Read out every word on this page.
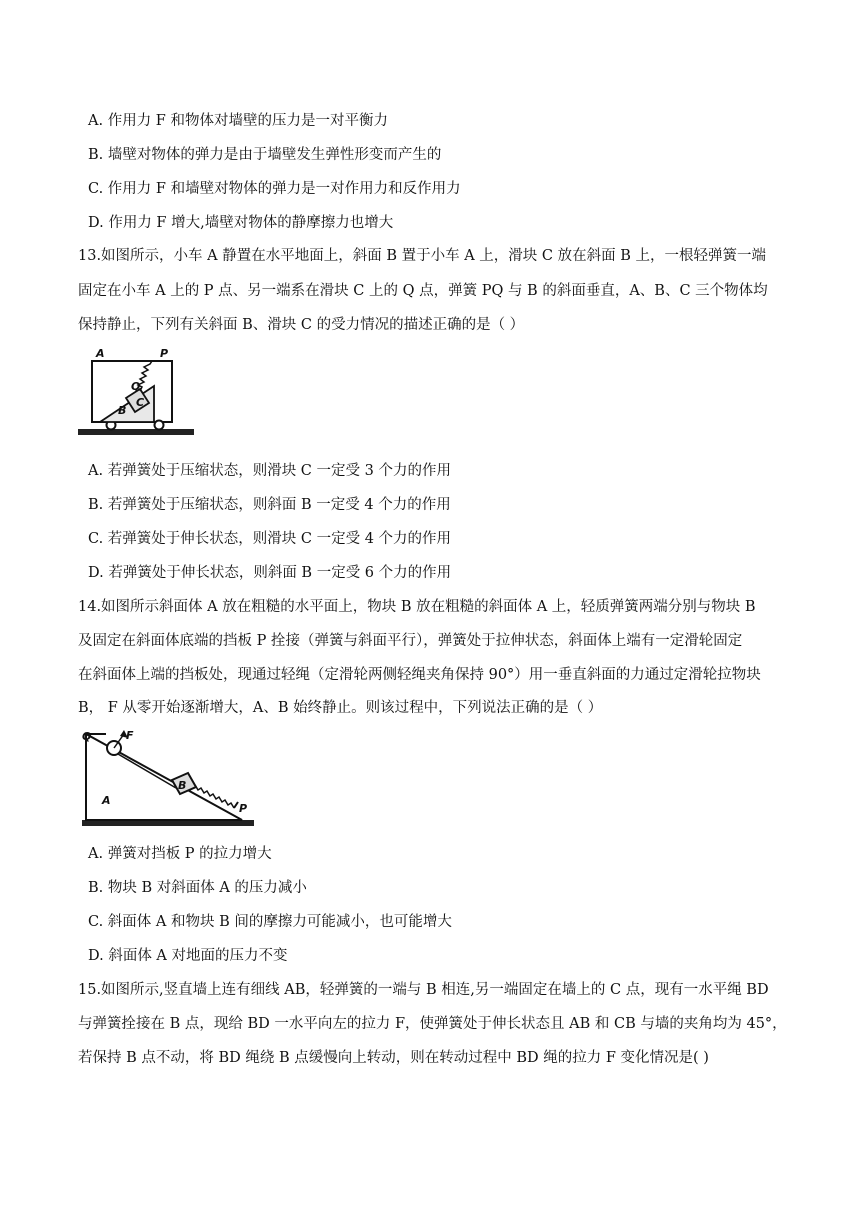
A. 作用力 F 和物体对墙壁的压力是一对平衡力
B. 墙壁对物体的弹力是由于墙壁发生弹性形变而产生的
C. 作用力 F 和墙壁对物体的弹力是一对作用力和反作用力
D. 作用力 F 增大,墙壁对物体的静摩擦力也增大
13.如图所示，小车 A 静置在水平地面上，斜面 B 置于小车 A 上，滑块 C 放在斜面 B 上，一根轻弹簧一端
固定在小车 A 上的 P 点、另一端系在滑块 C 上的 Q 点，弹簧 PQ 与 B 的斜面垂直，A、B、C 三个物体均
保持静止，下列有关斜面 B、滑块 C 的受力情况的描述正确的是（ ）
A	P
Q
B
C
A. 若弹簧处于压缩状态，则滑块 C 一定受 3 个力的作用
B. 若弹簧处于压缩状态，则斜面 B 一定受 4 个力的作用
C. 若弹簧处于伸长状态，则滑块 C 一定受 4 个力的作用
D. 若弹簧处于伸长状态，则斜面 B 一定受 6 个力的作用
14.如图所示斜面体 A 放在粗糙的水平面上，物块 B 放在粗糙的斜面体 A 上，轻质弹簧两端分别与物块 B
及固定在斜面体底端的挡板 P 拴接（弹簧与斜面平行），弹簧处于拉伸状态，斜面体上端有一定滑轮固定
在斜面体上端的挡板处，现通过轻绳（定滑轮两侧轻绳夹角保持 90°）用一垂直斜面的力通过定滑轮拉物块
B， F 从零开始逐渐增大，A、B 始终静止。则该过程中，下列说法正确的是（ ）
Q	F
A
B
P
A. 弹簧对挡板 P 的拉力增大
B. 物块 B 对斜面体 A 的压力减小
C. 斜面体 A 和物块 B 间的摩擦力可能减小，也可能增大
D. 斜面体 A 对地面的压力不变
15.如图所示,竖直墙上连有细线 AB，轻弹簧的一端与 B 相连,另一端固定在墙上的 C 点，现有一水平绳 BD
与弹簧拴接在 B 点，现给 BD 一水平向左的拉力 F，使弹簧处于伸长状态且 AB 和 CB 与墙的夹角均为 45°，
若保持 B 点不动，将 BD 绳绕 B 点缓慢向上转动，则在转动过程中 BD 绳的拉力 F 变化情况是( )
